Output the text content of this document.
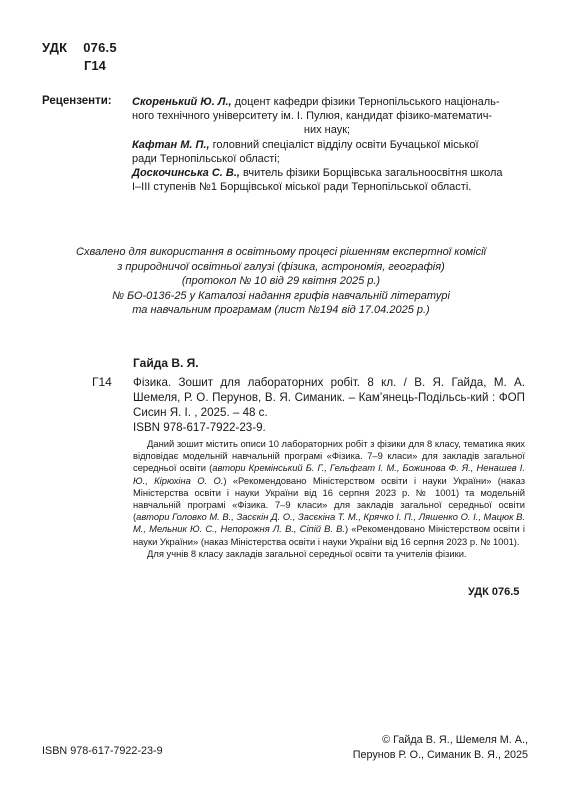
УДК 076.5
Г14
Рецензенти: Скоренький Ю. Л., доцент кафедри фізики Тернопільського національ-

ного технічного університету ім. І. Пулюя, кандидат фізико-математич-

них наук;

Кафтан М. П., головний спеціаліст відділу освіти Бучацької міської

ради Тернопільської області;

Доскочинська С. В., вчитель фізики Борщівська загальноосвітня школа

І–ІІІ ступенів №1 Борщівської міської ради Тернопільської області.

Схвалено для використання в освітньому процесі рішенням експертної комісії
з природничої освітньої галузі (фізика, астрономія, географія)
(протокол № 10 від 29 квітня 2025 р.)
№ БО-0136-25 у Каталозі надання грифів навчальній літературі
та навчальним програмам (лист №194 від 17.04.2025 р.)
Гайда В. Я.
Г14 Фізика. Зошит для лабораторних робіт. 8 кл. / В. Я. Гайда, М. А. Шемеля, Р. О. Перунов, В. Я. Симаник. – Кам’янець-Подільсь-кий : ФОП Сисин Я. І. , 2025. – 48 с.

ISBN 978-617-7922-23-9.

Даний зошит містить описи 10 лабораторних робіт з фізики для 8 класу, тематика яких відповідає модельній навчальній програмі «Фізика. 7–9 класи» для закладів загальної середньої освіти (автори Кремінський Б. Г., Гельфгат І. М., Божинова Ф. Я., Ненашев І. Ю., Кірюхіна О. О.) «Рекомендовано Міністерством освіти і науки України» (наказ Міністерства освіти і науки України від 16 серпня 2023 р. № 1001) та модельній навчальній програмі «Фізика. 7–9 класи» для закладів загальної середньої освіти (автори Головко М. В., Засєкін Д. О., Засєкіна Т. М., Крячко І. П., Ляшенко О. І., Мацюк В. М., Мельник Ю. С., Непорожня Л. В., Сіпій В. В.) «Рекомендовано Міністерством освіти і науки України» (наказ Міністерства освіти і науки України від 16 серпня 2023 р. № 1001).

Для учнів 8 класу закладів загальної середньої освіти та учителів фізики.

УДК 076.5
ISBN 978-617-7922-23-9
© Гайда В. Я., Шемеля М. А.,
Перунов Р. О., Симаник В. Я., 2025
